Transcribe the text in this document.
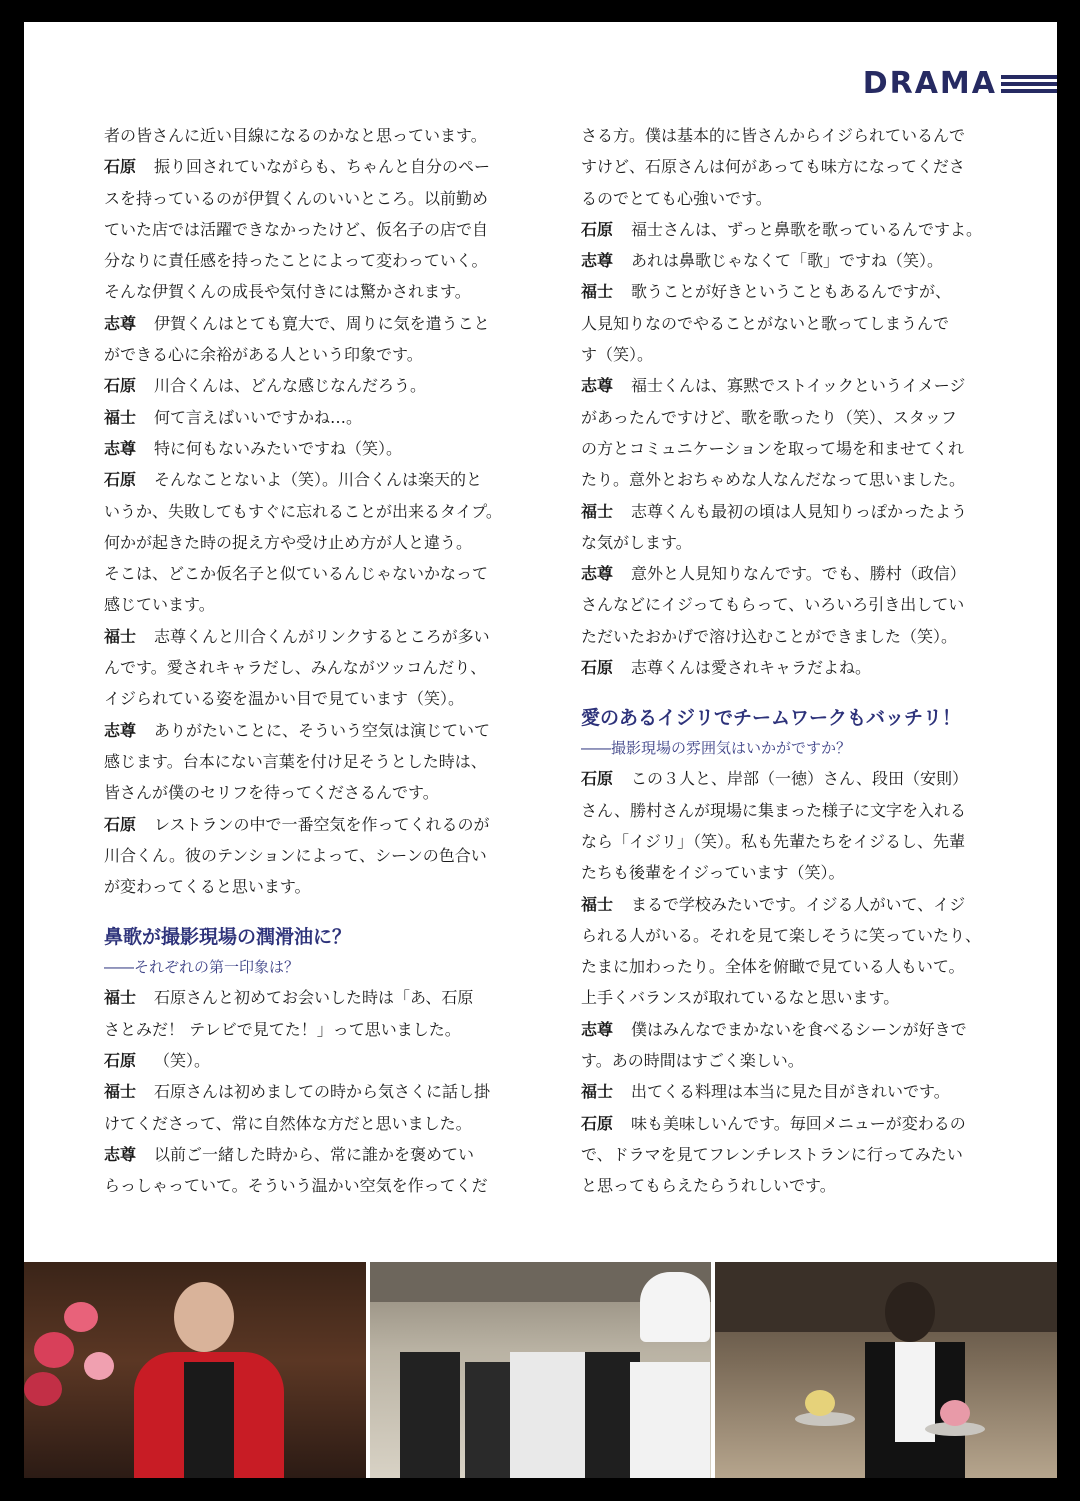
DRAMA
者の皆さんに近い目線になるのかなと思っています。
石原 振り回されていながらも、ちゃんと自分のペー
スを持っているのが伊賀くんのいいところ。以前勤め
ていた店では活躍できなかったけど、仮名子の店で自
分なりに責任感を持ったことによって変わっていく。
そんな伊賀くんの成長や気付きには驚かされます。
志尊 伊賀くんはとても寛大で、周りに気を遣うこと
ができる心に余裕がある人という印象です。
石原 川合くんは、どんな感じなんだろう。
福士 何て言えばいいですかね…。
志尊 特に何もないみたいですね（笑）。
石原 そんなことないよ（笑）。川合くんは楽天的と
いうか、失敗してもすぐに忘れることが出来るタイプ。
何かが起きた時の捉え方や受け止め方が人と違う。
そこは、どこか仮名子と似ているんじゃないかなって
感じています。
福士 志尊くんと川合くんがリンクするところが多い
んです。愛されキャラだし、みんながツッコんだり、
イジられている姿を温かい目で見ています（笑）。
志尊 ありがたいことに、そういう空気は演じていて
感じます。台本にない言葉を付け足そうとした時は、
皆さんが僕のセリフを待ってくださるんです。
石原 レストランの中で一番空気を作ってくれるのが
川合くん。彼のテンションによって、シーンの色合い
が変わってくると思います。
鼻歌が撮影現場の潤滑油に？
――それぞれの第一印象は？
福士 石原さんと初めてお会いした時は「あ、石原
さとみだ！ テレビで見てた！」って思いました。
石原 （笑）。
福士 石原さんは初めましての時から気さくに話し掛
けてくださって、常に自然体な方だと思いました。
志尊 以前ご一緒した時から、常に誰かを褒めてい
らっしゃっていて。そういう温かい空気を作ってくだ
さる方。僕は基本的に皆さんからイジられているんで
すけど、石原さんは何があっても味方になってくださ
るのでとても心強いです。
石原 福士さんは、ずっと鼻歌を歌っているんですよ。
志尊 あれは鼻歌じゃなくて「歌」ですね（笑）。
福士 歌うことが好きということもあるんですが、
人見知りなのでやることがないと歌ってしまうんで
す（笑）。
志尊 福士くんは、寡黙でストイックというイメージ
があったんですけど、歌を歌ったり（笑）、スタッフ
の方とコミュニケーションを取って場を和ませてくれ
たり。意外とおちゃめな人なんだなって思いました。
福士 志尊くんも最初の頃は人見知りっぽかったよう
な気がします。
志尊 意外と人見知りなんです。でも、勝村（政信）
さんなどにイジってもらって、いろいろ引き出してい
ただいたおかげで溶け込むことができました（笑）。
石原 志尊くんは愛されキャラだよね。
愛のあるイジリでチームワークもバッチリ！
――撮影現場の雰囲気はいかがですか？
石原 この３人と、岸部（一徳）さん、段田（安則）
さん、勝村さんが現場に集まった様子に文字を入れる
なら「イジリ」（笑）。私も先輩たちをイジるし、先輩
たちも後輩をイジっています（笑）。
福士 まるで学校みたいです。イジる人がいて、イジ
られる人がいる。それを見て楽しそうに笑っていたり、
たまに加わったり。全体を俯瞰で見ている人もいて。
上手くバランスが取れているなと思います。
志尊 僕はみんなでまかないを食べるシーンが好きで
す。あの時間はすごく楽しい。
福士 出てくる料理は本当に見た目がきれいです。
石原 味も美味しいんです。毎回メニューが変わるの
で、ドラマを見てフレンチレストランに行ってみたい
と思ってもらえたらうれしいです。
